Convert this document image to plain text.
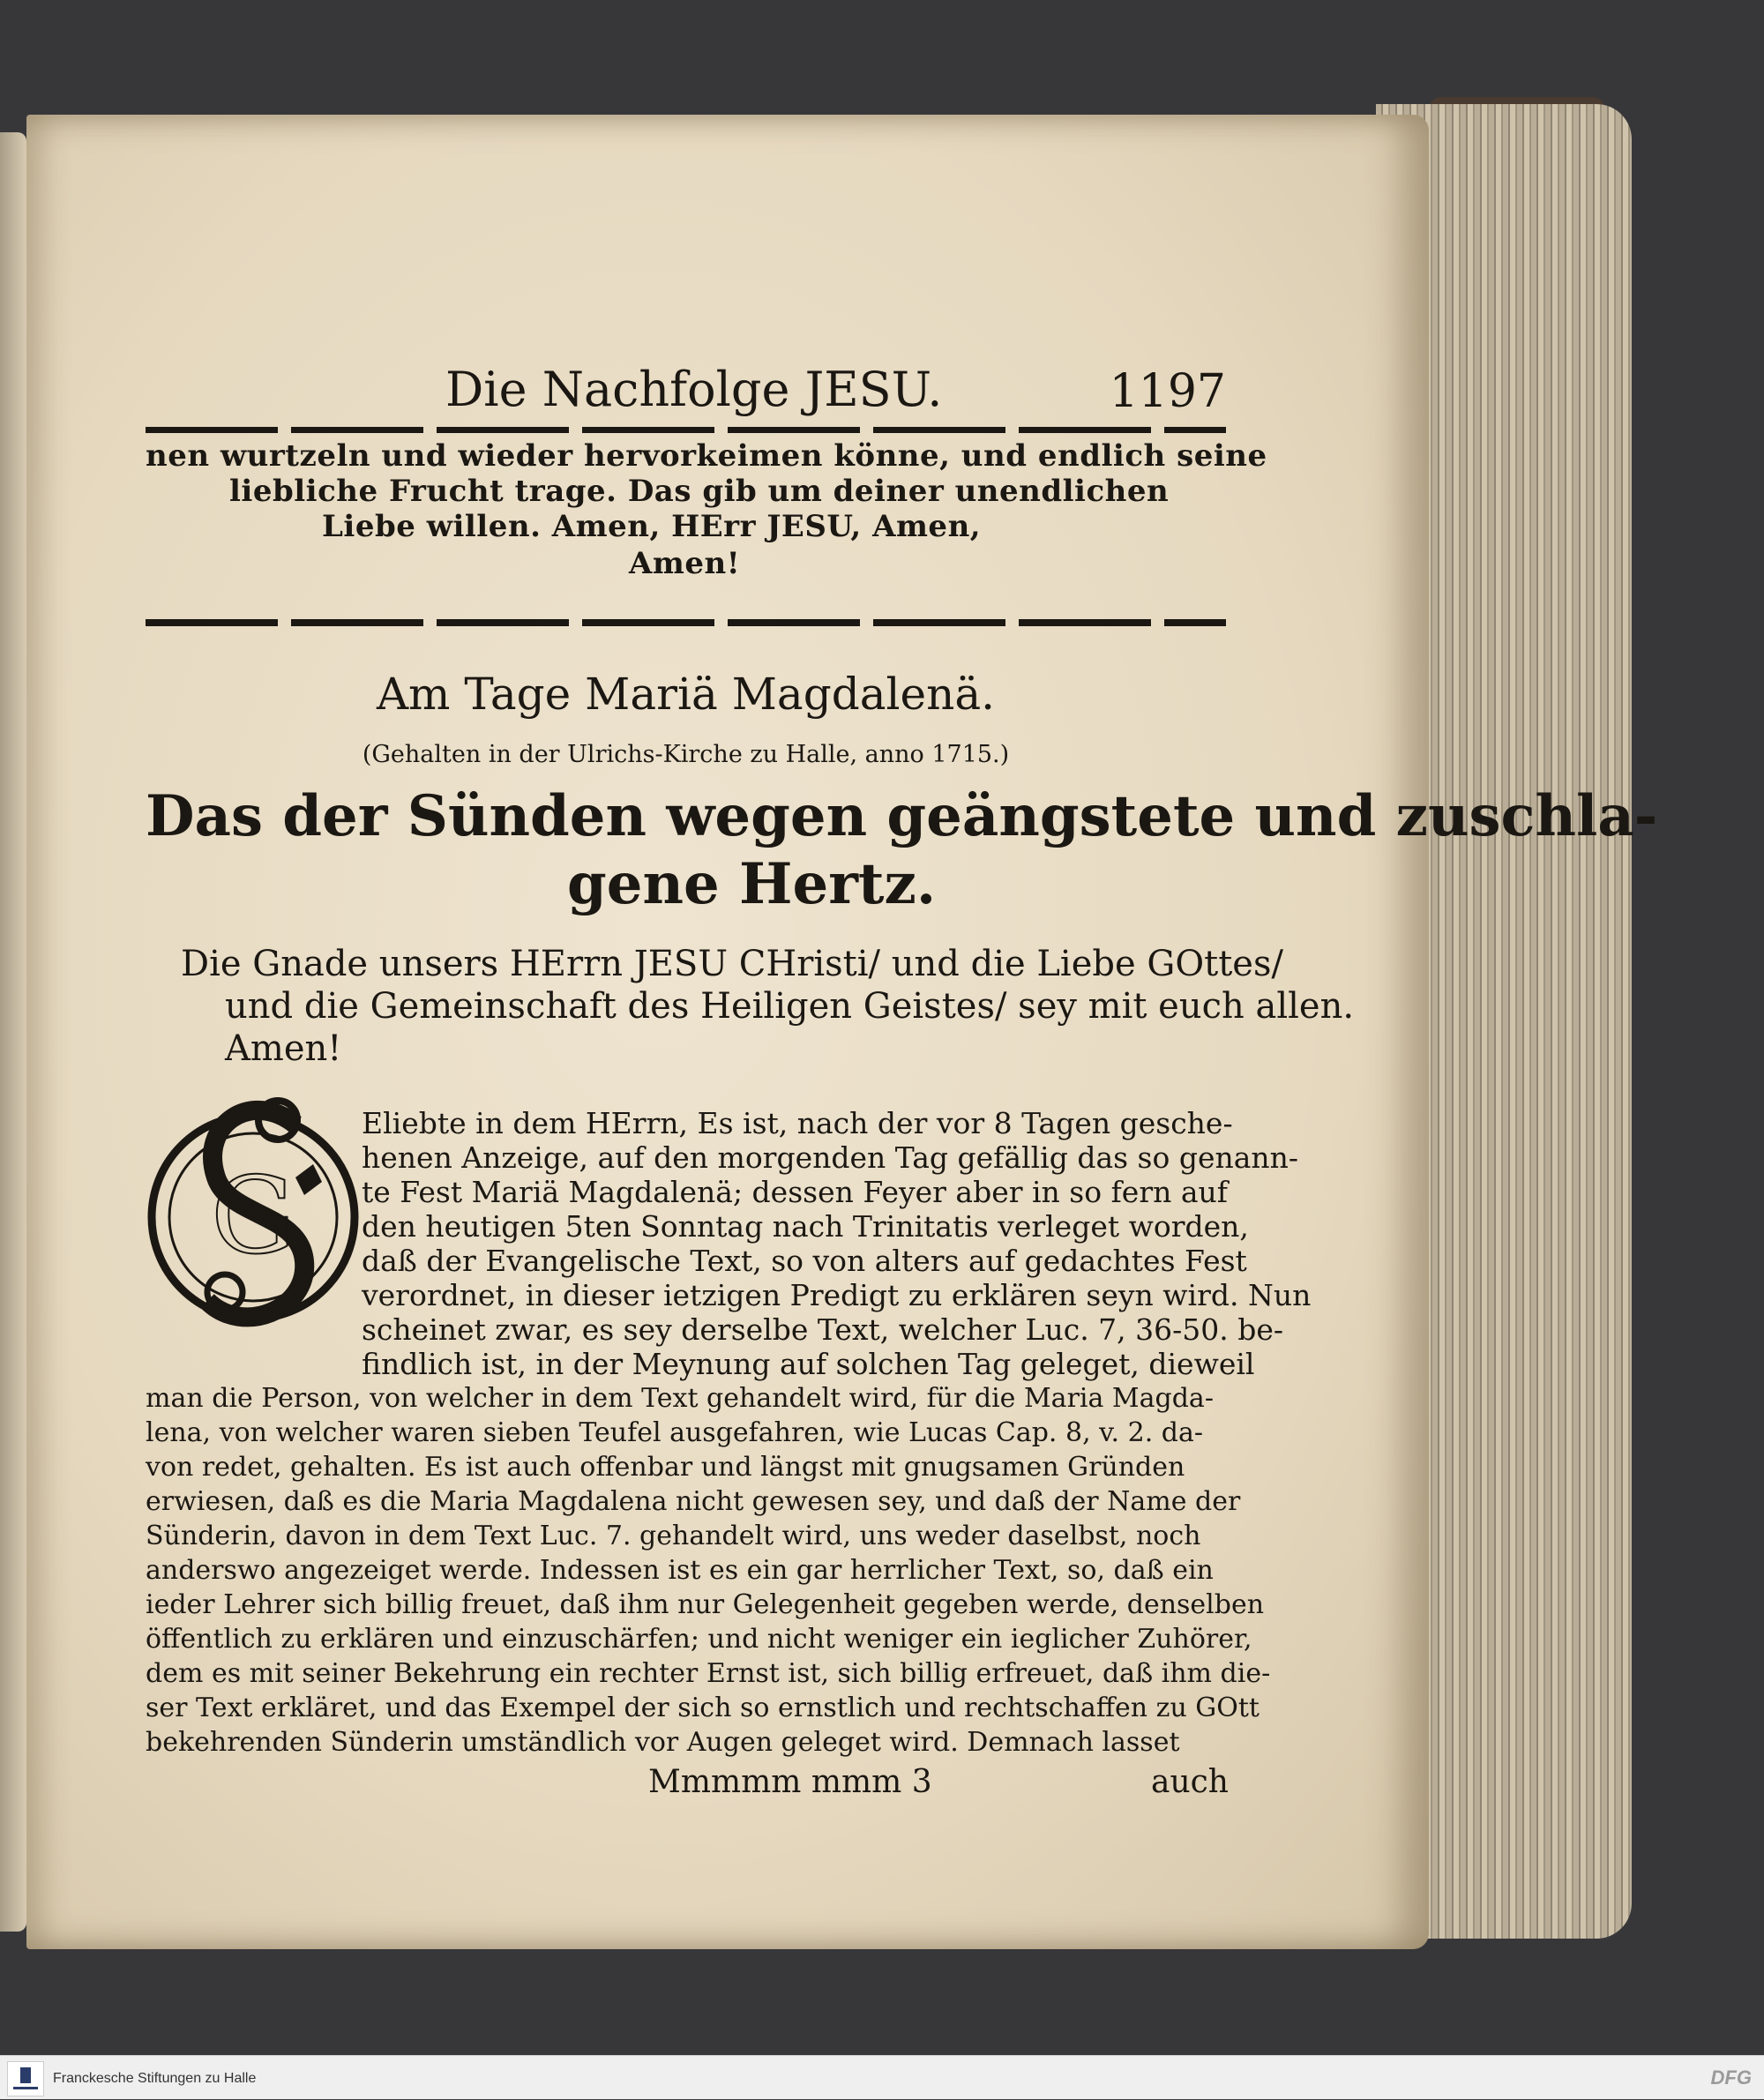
Die Nachfolge JESU.	1197
nen wurtzeln und wieder hervorkeimen könne, und endlich seine
liebliche Frucht trage. Das gib um deiner unendlichen
Liebe willen. Amen, HErr JESU, Amen,
Amen!
Am Tage Mariä Magdalenä.
(Gehalten in der Ulrichs-Kirche zu Halle, anno 1715.)
Das der Sünden wegen geängstete und zuschla-
gene Hertz.
Die Gnade unsers HErrn JESU CHristi/ und die Liebe GOttes/
und die Gemeinschaft des Heiligen Geistes/ sey mit euch allen.
Amen!
G
Eliebte in dem HErrn, Es ist, nach der vor 8 Tagen gesche-
henen Anzeige, auf den morgenden Tag gefällig das so genann-
te Fest Mariä Magdalenä; dessen Feyer aber in so fern auf
den heutigen 5ten Sonntag nach Trinitatis verleget worden,
daß der Evangelische Text, so von alters auf gedachtes Fest
verordnet, in dieser ietzigen Predigt zu erklären seyn wird. Nun
scheinet zwar, es sey derselbe Text, welcher Luc. 7, 36-50. be-
findlich ist, in der Meynung auf solchen Tag geleget, dieweil
man die Person, von welcher in dem Text gehandelt wird, für die Maria Magda-
lena, von welcher waren sieben Teufel ausgefahren, wie Lucas Cap. 8, v. 2. da-
von redet, gehalten. Es ist auch offenbar und längst mit gnugsamen Gründen
erwiesen, daß es die Maria Magdalena nicht gewesen sey, und daß der Name der
Sünderin, davon in dem Text Luc. 7. gehandelt wird, uns weder daselbst, noch
anderswo angezeiget werde. Indessen ist es ein gar herrlicher Text, so, daß ein
ieder Lehrer sich billig freuet, daß ihm nur Gelegenheit gegeben werde, denselben
öffentlich zu erklären und einzuschärfen; und nicht weniger ein ieglicher Zuhörer,
dem es mit seiner Bekehrung ein rechter Ernst ist, sich billig erfreuet, daß ihm die-
ser Text erkläret, und das Exempel der sich so ernstlich und rechtschaffen zu GOtt
bekehrenden Sünderin umständlich vor Augen geleget wird. Demnach lasset
Mmmmm mmm 3	auch
Franckesche Stiftungen zu Halle	DFG
